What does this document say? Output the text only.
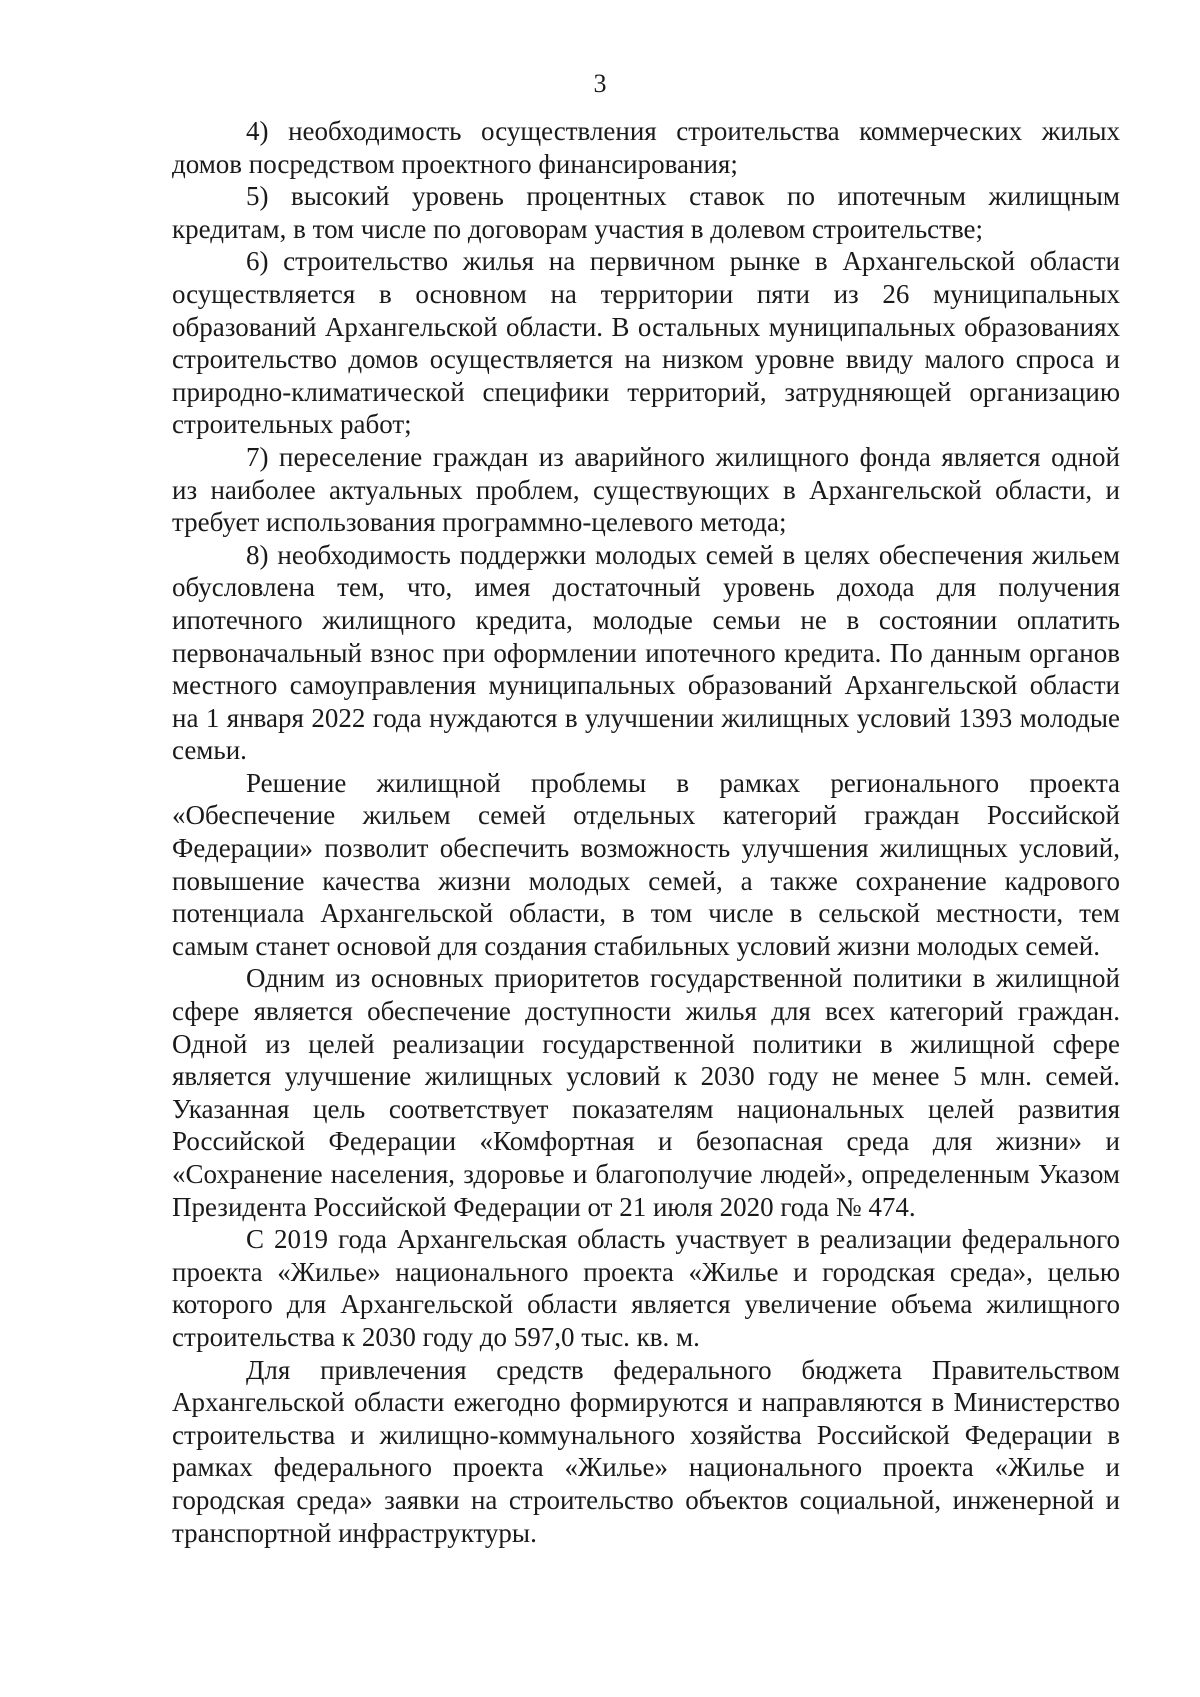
3

4) необходимость осуществления строительства коммерческих жилых домов посредством проектного финансирования;

5) высокий уровень процентных ставок по ипотечным жилищным кредитам, в том числе по договорам участия в долевом строительстве;

6) строительство жилья на первичном рынке в Архангельской области осуществляется в основном на территории пяти из 26 муниципальных образований Архангельской области. В остальных муниципальных образованиях строительство домов осуществляется на низком уровне ввиду малого спроса и природно-климатической специфики территорий, затрудняющей организацию строительных работ;

7) переселение граждан из аварийного жилищного фонда является одной из наиболее актуальных проблем, существующих в Архангельской области, и требует использования программно-целевого метода;

8) необходимость поддержки молодых семей в целях обеспечения жильем обусловлена тем, что, имея достаточный уровень дохода для получения ипотечного жилищного кредита, молодые семьи не в состоянии оплатить первоначальный взнос при оформлении ипотечного кредита. По данным органов местного самоуправления муниципальных образований Архангельской области на 1 января 2022 года нуждаются в улучшении жилищных условий 1393 молодые семьи.

Решение жилищной проблемы в рамках регионального проекта «Обеспечение жильем семей отдельных категорий граждан Российской Федерации» позволит обеспечить возможность улучшения жилищных условий, повышение качества жизни молодых семей, а также сохранение кадрового потенциала Архангельской области, в том числе в сельской местности, тем самым станет основой для создания стабильных условий жизни молодых семей.

Одним из основных приоритетов государственной политики в жилищной сфере является обеспечение доступности жилья для всех категорий граждан. Одной из целей реализации государственной политики в жилищной сфере является улучшение жилищных условий к 2030 году не менее 5 млн. семей. Указанная цель соответствует показателям национальных целей развития Российской Федерации «Комфортная и безопасная среда для жизни» и «Сохранение населения, здоровье и благополучие людей», определенным Указом Президента Российской Федерации от 21 июля 2020 года № 474.

С 2019 года Архангельская область участвует в реализации федерального проекта «Жилье» национального проекта «Жилье и городская среда», целью которого для Архангельской области является увеличение объема жилищного строительства к 2030 году до 597,0 тыс. кв. м.

Для привлечения средств федерального бюджета Правительством Архангельской области ежегодно формируются и направляются в Министерство строительства и жилищно-коммунального хозяйства Российской Федерации в рамках федерального проекта «Жилье» национального проекта «Жилье и городская среда» заявки на строительство объектов социальной, инженерной и транспортной инфраструктуры.
